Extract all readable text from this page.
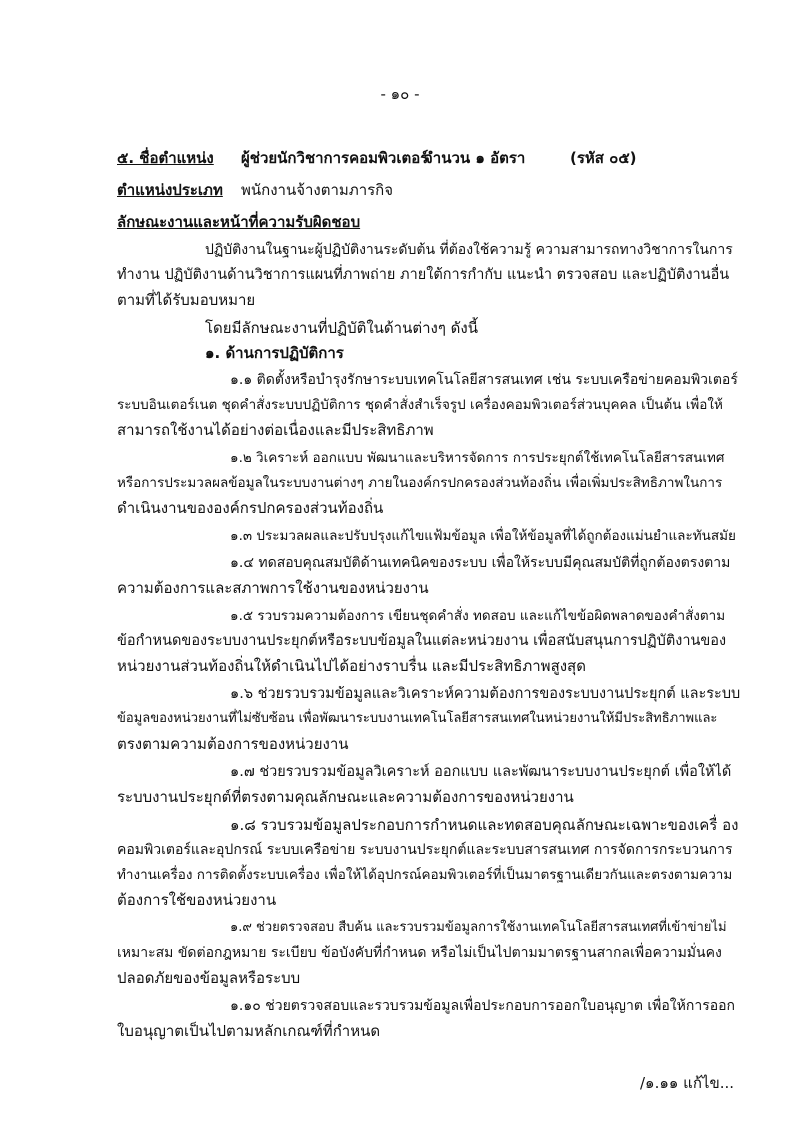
- ๑๐ -
๕. ชื่อตำแหน่ง ผู้ช่วยนักวิชาการคอมพิวเตอร์
จำนวน ๑ อัตรา	(รหัส ๐๕)
ตำแหน่งประเภท พนักงานจ้างตามภารกิจ
ลักษณะงานและหน้าที่ความรับผิดชอบ
ปฏิบัติงานในฐานะผู้ปฏิบัติงานระดับต้น ที่ต้องใช้ความรู้ ความสามารถทางวิชาการในการ
ทำงาน ปฏิบัติงานด้านวิชาการแผนที่ภาพถ่าย ภายใต้การกำกับ แนะนำ ตรวจสอบ และปฏิบัติงานอื่น
ตามที่ได้รับมอบหมาย
โดยมีลักษณะงานที่ปฏิบัติในด้านต่างๆ ดังนี้
๑. ด้านการปฏิบัติการ
๑.๑ ติดตั้งหรือบำรุงรักษาระบบเทคโนโลยีสารสนเทศ เช่น ระบบเครือข่ายคอมพิวเตอร์
ระบบอินเตอร์เนต ชุดคำสั่งระบบปฏิบัติการ ชุดคำสั่งสำเร็จรูป เครื่องคอมพิวเตอร์ส่วนบุคคล เป็นต้น เพื่อให้
สามารถใช้งานได้อย่างต่อเนื่องและมีประสิทธิภาพ
๑.๒ วิเคราะห์ ออกแบบ พัฒนาและบริหารจัดการ การประยุกต์ใช้เทคโนโลยีสารสนเทศ
หรือการประมวลผลข้อมูลในระบบงานต่างๆ ภายในองค์กรปกครองส่วนท้องถิ่น เพื่อเพิ่มประสิทธิภาพในการ
ดำเนินงานขององค์กรปกครองส่วนท้องถิ่น
๑.๓ ประมวลผลและปรับปรุงแก้ไขแฟ้มข้อมูล เพื่อให้ข้อมูลที่ได้ถูกต้องแม่นยำและทันสมัย
๑.๔ ทดสอบคุณสมบัติด้านเทคนิคของระบบ เพื่อให้ระบบมีคุณสมบัติที่ถูกต้องตรงตาม
ความต้องการและสภาพการใช้งานของหน่วยงาน
๑.๕ รวบรวมความต้องการ เขียนชุดคำสั่ง ทดสอบ และแก้ไขข้อผิดพลาดของคำสั่งตาม
ข้อกำหนดของระบบงานประยุกต์หรือระบบข้อมูลในแต่ละหน่วยงาน เพื่อสนับสนุนการปฏิบัติงานของ
หน่วยงานส่วนท้องถิ่นให้ดำเนินไปได้อย่างราบรื่น และมีประสิทธิภาพสูงสุด
๑.๖ ช่วยรวบรวมข้อมูลและวิเคราะห์ความต้องการของระบบงานประยุกต์ และระบบ
ข้อมูลของหน่วยงานที่ไม่ซับซ้อน เพื่อพัฒนาระบบงานเทคโนโลยีสารสนเทศในหน่วยงานให้มีประสิทธิภาพและ
ตรงตามความต้องการของหน่วยงาน
๑.๗ ช่วยรวบรวมข้อมูลวิเคราะห์ ออกแบบ และพัฒนาระบบงานประยุกต์ เพื่อให้ได้
ระบบงานประยุกต์ที่ตรงตามคุณลักษณะและความต้องการของหน่วยงาน
๑.๘ รวบรวมข้อมูลประกอบการกำหนดและทดสอบคุณลักษณะเฉพาะของเครื่ อง
คอมพิวเตอร์และอุปกรณ์ ระบบเครือข่าย ระบบงานประยุกต์และระบบสารสนเทศ การจัดการกระบวนการ
ทำงานเครื่อง การติดตั้งระบบเครื่อง เพื่อให้ได้อุปกรณ์คอมพิวเตอร์ที่เป็นมาตรฐานเดียวกันและตรงตามความ
ต้องการใช้ของหน่วยงาน
๑.๙ ช่วยตรวจสอบ สืบค้น และรวบรวมข้อมูลการใช้งานเทคโนโลยีสารสนเทศที่เข้าข่ายไม่
เหมาะสม ขัดต่อกฎหมาย ระเบียบ ข้อบังคับที่กำหนด หรือไม่เป็นไปตามมาตรฐานสากลเพื่อความมั่นคง
ปลอดภัยของข้อมูลหรือระบบ
๑.๑๐ ช่วยตรวจสอบและรวบรวมข้อมูลเพื่อประกอบการออกใบอนุญาต เพื่อให้การออก
ใบอนุญาตเป็นไปตามหลักเกณฑ์ที่กำหนด
/๑.๑๑ แก้ไข...
